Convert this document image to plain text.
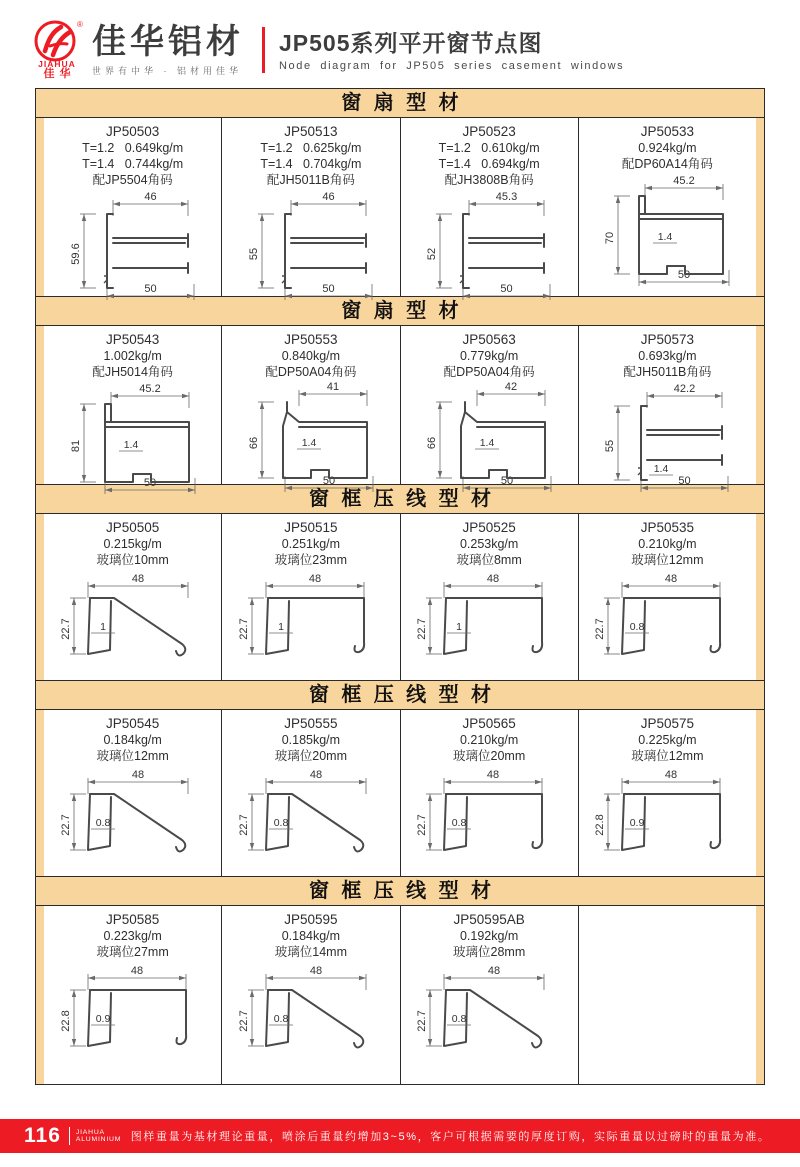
®
JIAHUA
佳华
佳华铝材
世界有中华 · 铝材用佳华
JP505系列平开窗节点图
Node diagram for JP505 series casement windows
窗扇型材
JP50503
T=1.2   0.649kg/m
T=1.4   0.744kg/m
配JP5504角码
46
59.6
50
JP50513
T=1.2   0.625kg/m
T=1.4   0.704kg/m
配JH5011B角码
46
55
50
JP50523
T=1.2   0.610kg/m
T=1.4   0.694kg/m
配JH3808B角码
45.3
52
50
JP50533
0.924kg/m
配DP60A14角码
45.2
70
50
1.4
窗扇型材
JP50543
1.002kg/m
配JH5014角码
45.2
81
50
1.4
JP50553
0.840kg/m
配DP50A04角码
41
66
50
1.4
JP50563
0.779kg/m
配DP50A04角码
42
66
50
1.4
JP50573
0.693kg/m
配JH5011B角码
42.2
55
50
1.4
窗框压线型材
JP50505
0.215kg/m
玻璃位10mm
48
22.7	1
JP50515
0.251kg/m
玻璃位23mm
48
22.7	1
JP50525
0.253kg/m
玻璃位8mm
48
22.7	1
JP50535
0.210kg/m
玻璃位12mm
48
22.7 0.8
窗框压线型材
JP50545
0.184kg/m
玻璃位12mm
48
22.7 0.8
JP50555
0.185kg/m
玻璃位20mm
48
22.7 0.8
JP50565
0.210kg/m
玻璃位20mm
48
22.7 0.8
JP50575
0.225kg/m
玻璃位12mm
48
22.8 0.9
窗框压线型材
JP50585
0.223kg/m
玻璃位27mm
48
22.8 0.9
JP50595
0.184kg/m
玻璃位14mm
48
22.7 0.8
JP50595AB
0.192kg/m
玻璃位28mm
48
22.7 0.8
116 JIAHUA
ALUMINIUM 图样重量为基材理论重量，喷涂后重量约增加3~5%，客户可根据需要的厚度订购，实际重量以过磅时的重量为准。
